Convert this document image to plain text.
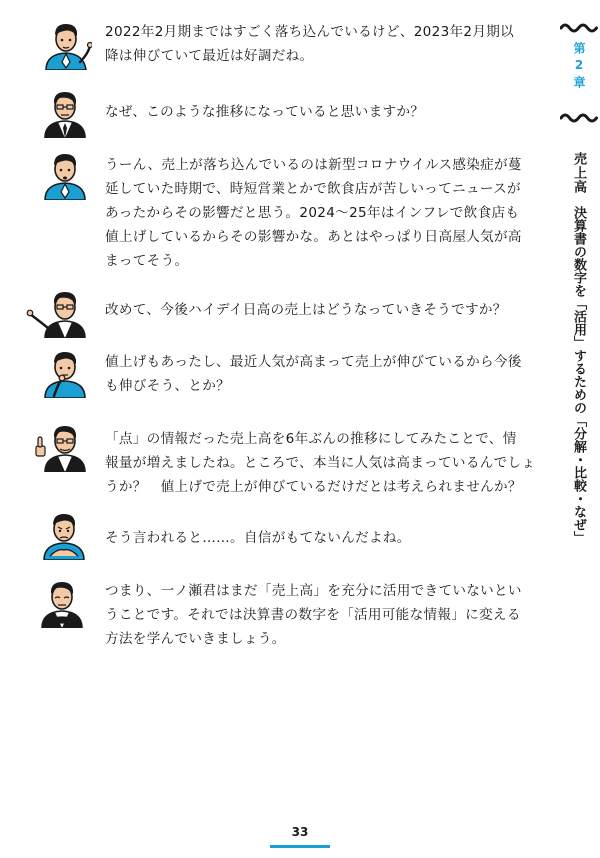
第2章
売上高
決算書の数字を「活用」するための「分解・比較・なぜ」

2022年2月期まではすごく落ち込んでいるけど、2023年2月期以

降は伸びていて最近は好調だね。

なぜ、このような推移になっていると思いますか？

うーん、売上が落ち込んでいるのは新型コロナウイルス感染症が蔓

延していた時期で、時短営業とかで飲食店が苦しいってニュースが

あったからその影響だと思う。2024～25年はインフレで飲食店も

値上げしているからその影響かな。あとはやっぱり日高屋人気が高

まってそう。

改めて、今後ハイデイ日高の売上はどうなっていきそうですか？

値上げもあったし、最近人気が高まって売上が伸びているから今後

も伸びそう、とか？

「点」の情報だった売上高を6年ぶんの推移にしてみたことで、情

報量が増えましたね。ところで、本当に人気は高まっているんでしょ

うか？　値上げで売上が伸びているだけだとは考えられませんか？

そう言われると……。自信がもてないんだよね。

つまり、一ノ瀬君はまだ「売上高」を充分に活用できていないとい

うことです。それでは決算書の数字を「活用可能な情報」に変える

方法を学んでいきましょう。

33
